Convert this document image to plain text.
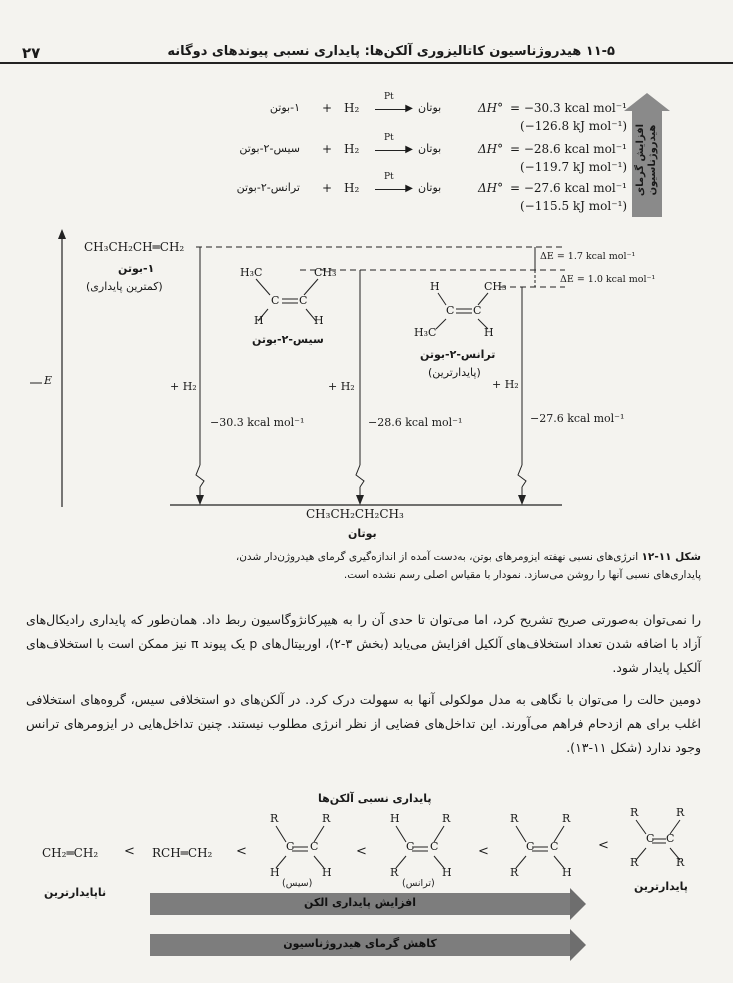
۲۷	۱۱-۵ هیدروژناسیون کاتالیزوری آلکن‌ها: پایداری نسبی پیوندهای دوگانه
۱-بوتن + H₂
Pt
▶ بوتان	ΔH° = −30.3 kcal mol⁻¹
(−126.8 kJ mol⁻¹)
سیس-۲-بوتن + H₂
Pt
▶ بوتان	ΔH° = −28.6 kcal mol⁻¹
(−119.7 kJ mol⁻¹)
ترانس-۲-بوتن + H₂
Pt
▶ بوتان	ΔH° = −27.6 kcal mol⁻¹
(−115.5 kJ mol⁻¹)
افزایش گرمای هیدروژناسیون
E
CH₃CH₂CH═CH₂
۱-بوتن
(کمترین پایداری)
H₃C	CH₃
C C
H	H
سیس-۲-بوتن
H	CH₃
C C
H₃C	H
ترانس-۲-بوتن
(پایدارترین)
ΔE = 1.7 kcal mol⁻¹
ΔE = 1.0 kcal mol⁻¹
+ H₂	+ H₂	+ H₂
−30.3 kcal mol⁻¹	−28.6 kcal mol⁻¹	−27.6 kcal mol⁻¹
CH₃CH₂CH₂CH₃
بوتان
شکل ۱۱-۱۲ انرژی‌های نسبی نهفته ایزومرهای بوتن، به‌دست آمده از اندازه‌گیری گرمای هیدروژن‌دار شدن،
پایداری‌های نسبی آنها را روشن می‌سازد. نمودار با مقیاس اصلی رسم نشده است.
را نمی‌توان به‌صورتی صریح تشریح کرد، اما می‌توان تا حدی آن را به هیپرکانژوگاسیون ربط داد. همان‌طور که پایداری رادیکال‌های آزاد با اضافه شدن تعداد استخلاف‌های آلکیل افزایش می‌یابد (بخش ۳-۲)، اوربیتال‌های p یک پیوند π نیز ممکن است با استخلاف‌های آلکیل پایدار شود.
دومین حالت را می‌توان با نگاهی به مدل مولکولی آنها به سهولت درک کرد. در آلکن‌های دو استخلافی سیس، گروه‌های استخلافی اغلب برای هم ازدحام فراهم می‌آورند. این تداخل‌های فضایی از نظر انرژی مطلوب نیستند. چنین تداخل‌هایی در ایزومرهای ترانس وجود ندارد (شکل ۱۱-۱۳).
پایداری نسبی آلکن‌ها
CH₂═CH₂ < RCH═CH₂ <
R	R
C C
H	H
(سیس)
<
H	R
C C
R	H
(ترانس)
<
R	R
C C
R	H
<
R	R
C C
R	R
پایدارترین
ناپایدارترین
افزایش پایداری الکن
کاهش گرمای هیدروژناسیون
